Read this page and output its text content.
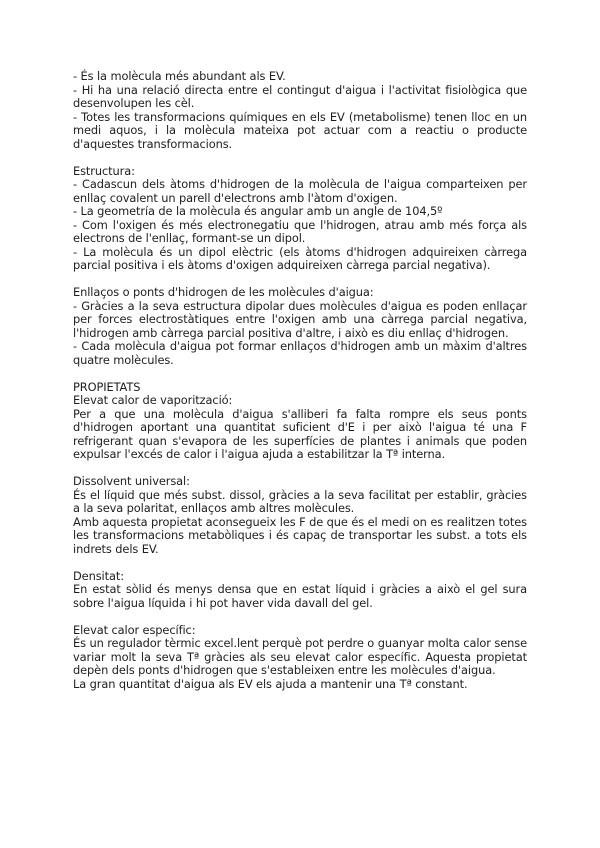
- És la molècula més abundant als EV.

- Hi ha una relació directa entre el contingut d'aigua i l'activitat fisiològica que desenvolupen les cèl.

- Totes les transformacions químiques en els EV (metabolisme) tenen lloc en un medi aquos, i la molècula mateixa pot actuar com a reactiu o producte d'aquestes transformacions.

Estructura:

- Cadascun dels àtoms d'hidrogen de la molècula de l'aigua comparteixen per enllaç covalent un parell d'electrons amb l'àtom d'oxigen.

- La geometría de la molècula és angular amb un angle de 104,5º

- Com l'oxigen és més electronegatiu que l'hidrogen, atrau amb més força als electrons de l'enllaç, formant-se un dipol.

- La molècula és un dipol elèctric (els àtoms d'hidrogen adquireixen càrrega parcial positiva i els àtoms d'oxigen adquireixen càrrega parcial negativa).

Enllaços o ponts d'hidrogen de les molècules d'aigua:

- Gràcies a la seva estructura dipolar dues molècules d'aigua es poden enllaçar per forces electrostàtiques entre l'oxigen amb una càrrega parcial negativa, l'hidrogen amb càrrega parcial positiva d'altre, i això es diu enllaç d'hidrogen.

- Cada molècula d'aigua pot formar enllaços d'hidrogen amb un màxim d'altres quatre molècules.

PROPIETATS

Elevat calor de vaporització:

Per a que una molècula d'aigua s'alliberi fa falta rompre els seus ponts d'hidrogen aportant una quantitat suficient d'E i per això l'aigua té una F refrigerant quan s'evapora de les superfícies de plantes i animals que poden expulsar l'excés de calor i l'aigua ajuda a estabilitzar la Tª interna.

Dissolvent universal:

És el líquid que més subst. dissol, gràcies a la seva facilitat per establir, gràcies a la seva polaritat, enllaços amb altres molècules.

Amb aquesta propietat aconsegueix les F de que és el medi on es realitzen totes les transformacions metabòliques i és capaç de transportar les subst. a tots els indrets dels EV.

Densitat:

En estat sòlid és menys densa que en estat líquid i gràcies a això el gel sura sobre l'aigua líquida i hi pot haver vida davall del gel.

Elevat calor específic:

És un regulador tèrmic excel.lent perquè pot perdre o guanyar molta calor sense variar molt la seva Tª gràcies als seu elevat calor específic. Aquesta propietat depèn dels ponts d'hidrogen que s'estableixen entre les molècules d'aigua.

La gran quantitat d'aigua als EV els ajuda a mantenir una Tª constant.
